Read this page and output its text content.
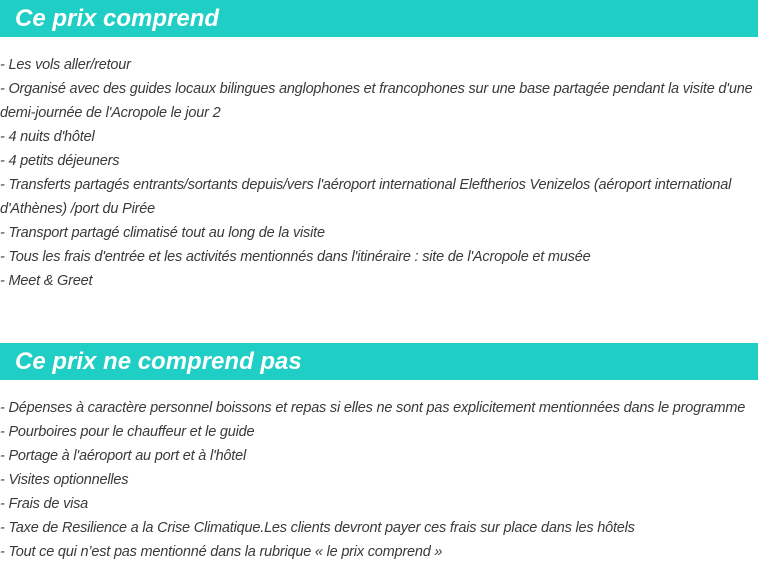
Ce prix comprend
- Les vols aller/retour
- Organisé avec des guides locaux bilingues anglophones et francophones sur une base partagée pendant la visite d'une demi-journée de l'Acropole le jour 2
- 4 nuits d'hôtel
- 4 petits déjeuners
- Transferts partagés entrants/sortants depuis/vers l'aéroport international Eleftherios Venizelos (aéroport international d'Athènes) /port du Pirée
- Transport partagé climatisé tout au long de la visite
- Tous les frais d'entrée et les activités mentionnés dans l'itinéraire : site de l'Acropole et musée
- Meet & Greet
Ce prix ne comprend pas
- Dépenses à caractère personnel boissons et repas si elles ne sont pas explicitement mentionnées dans le programme
- Pourboires pour le chauffeur et le guide
- Portage à l'aéroport au port et à l'hôtel
- Visites optionnelles
- Frais de visa
- Taxe de Resilience a la Crise Climatique.Les clients devront payer ces frais sur place dans les hôtels
- Tout ce qui n’est pas mentionné dans la rubrique « le prix comprend »
